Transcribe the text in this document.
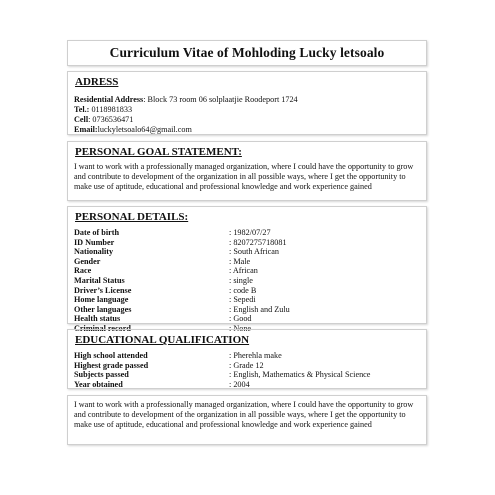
Curriculum Vitae of Mohloding Lucky letsoalo
ADRESS
Residential Address: Block 73 room 06 solplaatjie Roodeport 1724
Tel.: 0118981833
Cell: 0736536471
Email:luckyletsoalo64@gmail.com
PERSONAL GOAL STATEMENT:
I want to work with a professionally managed organization, where I could have the opportunity to grow and contribute to development of the organization in all possible ways, where I get the opportunity to make use of aptitude, educational and professional knowledge and work experience gained
PERSONAL DETAILS:
Date of birth	: 1982/07/27
ID Number	: 8207275718081
Nationality	: South African
Gender	: Male
Race	: African
Marital Status	: single
Driver’s License	: code B
Home language	: Sepedi
Other languages	: English and Zulu
Health status	: Good
Criminal record	: None
EDUCATIONAL QUALIFICATION
High school attended	: Pherehla make
Highest grade passed	: Grade 12
Subjects passed	: English, Mathematics & Physical Science
Year obtained	: 2004
I want to work with a professionally managed organization, where I could have the opportunity to grow and contribute to development of the organization in all possible ways, where I get the opportunity to make use of aptitude, educational and professional knowledge and work experience gained
